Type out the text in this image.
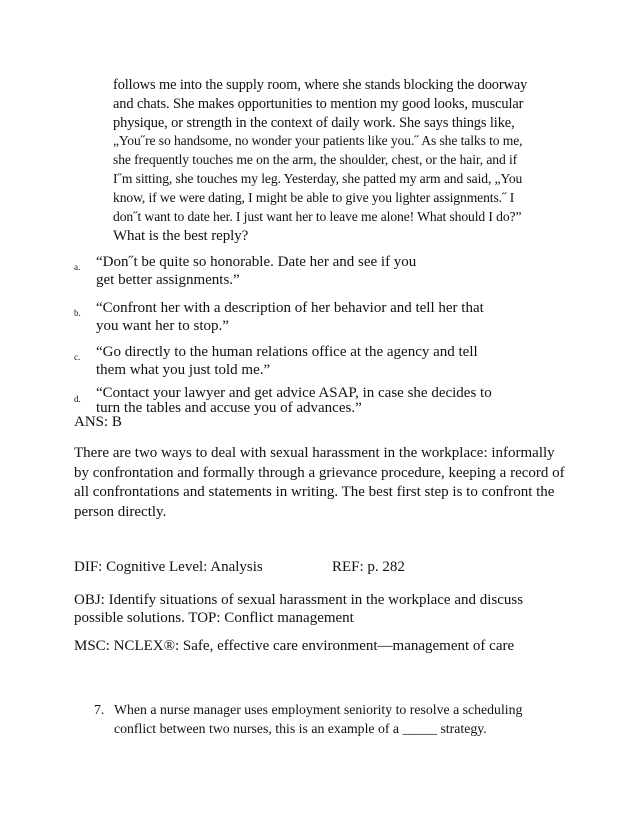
follows me into the supply room, where she stands blocking the doorway
and chats. She makes opportunities to mention my good looks, muscular
physique, or strength in the context of daily work. She says things like,
„You˝re so handsome, no wonder your patients like you.˝ As she talks to me,
she frequently touches me on the arm, the shoulder, chest, or the hair, and if
I˝m sitting, she touches my leg. Yesterday, she patted my arm and said, „You
know, if we were dating, I might be able to give you lighter assignments.˝ I
don˝t want to date her. I just want her to leave me alone! What should I do?”
What is the best reply?
a. “Don˝t be quite so honorable. Date her and see if you
get better assignments.”
b. “Confront her with a description of her behavior and tell her that
you want her to stop.”
c. “Go directly to the human relations office at the agency and tell
them what you just told me.”
d. “Contact your lawyer and get advice ASAP, in case she decides to
turn the tables and accuse you of advances.”
ANS: B
There are two ways to deal with sexual harassment in the workplace: informally
by confrontation and formally through a grievance procedure, keeping a record of
all confrontations and statements in writing. The best first step is to confront the
person directly.
DIF: Cognitive Level: Analysis	REF: p. 282
OBJ: Identify situations of sexual harassment in the workplace and discuss
possible solutions. TOP: Conflict management
MSC: NCLEX®: Safe, effective care environment—management of care
7. When a nurse manager uses employment seniority to resolve a scheduling
conflict between two nurses, this is an example of a _____ strategy.
